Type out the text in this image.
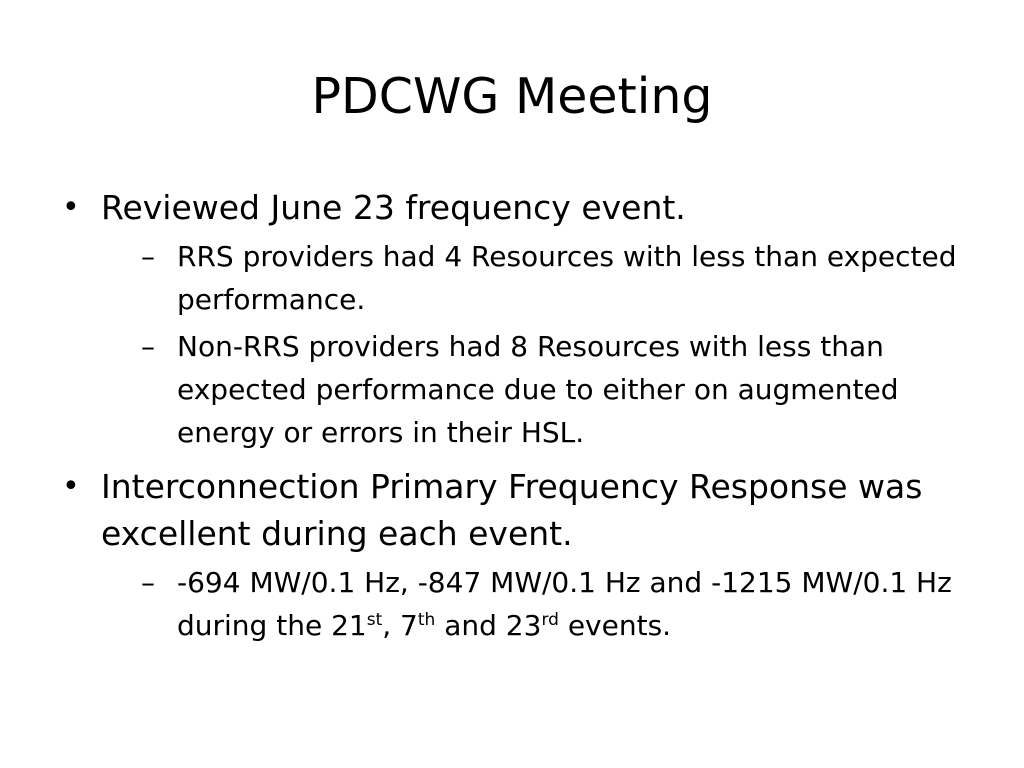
PDCWG Meeting
• Reviewed June 23 frequency event.
– RRS providers had 4 Resources with less than expected performance.
– Non-RRS providers had 8 Resources with less than expected performance due to either on augmented energy or errors in their HSL.
• Interconnection Primary Frequency Response was excellent during each event.
– -694 MW/0.1 Hz, -847 MW/0.1 Hz and -1215 MW/0.1 Hz during the 21st, 7th and 23rd events.
